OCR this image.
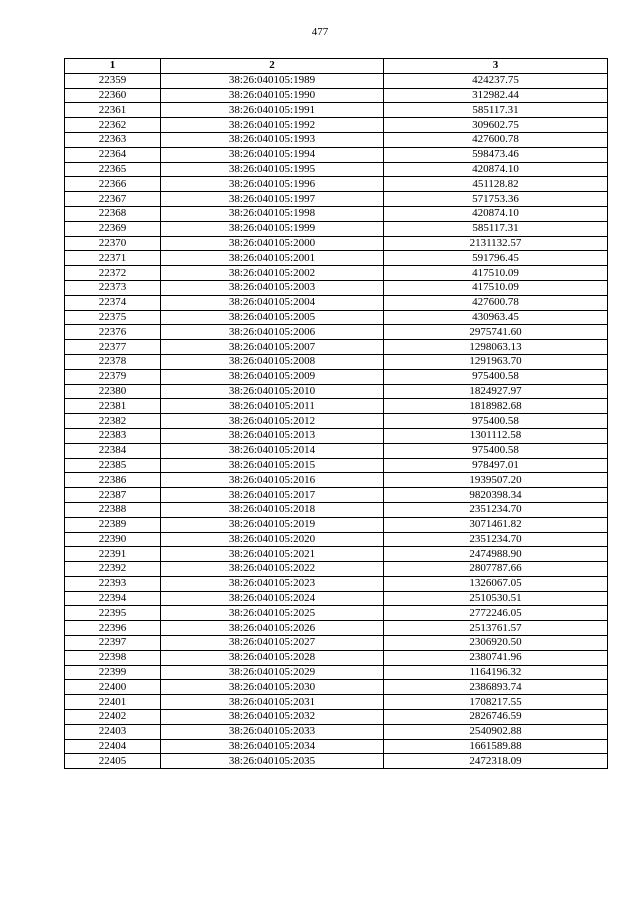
477
1	2	3
22359	38:26:040105:1989	424237.75
22360	38:26:040105:1990	312982.44
22361	38:26:040105:1991	585117.31
22362	38:26:040105:1992	309602.75
22363	38:26:040105:1993	427600.78
22364	38:26:040105:1994	598473.46
22365	38:26:040105:1995	420874.10
22366	38:26:040105:1996	451128.82
22367	38:26:040105:1997	571753.36
22368	38:26:040105:1998	420874.10
22369	38:26:040105:1999	585117.31
22370	38:26:040105:2000	2131132.57
22371	38:26:040105:2001	591796.45
22372	38:26:040105:2002	417510.09
22373	38:26:040105:2003	417510.09
22374	38:26:040105:2004	427600.78
22375	38:26:040105:2005	430963.45
22376	38:26:040105:2006	2975741.60
22377	38:26:040105:2007	1298063.13
22378	38:26:040105:2008	1291963.70
22379	38:26:040105:2009	975400.58
22380	38:26:040105:2010	1824927.97
22381	38:26:040105:2011	1818982.68
22382	38:26:040105:2012	975400.58
22383	38:26:040105:2013	1301112.58
22384	38:26:040105:2014	975400.58
22385	38:26:040105:2015	978497.01
22386	38:26:040105:2016	1939507.20
22387	38:26:040105:2017	9820398.34
22388	38:26:040105:2018	2351234.70
22389	38:26:040105:2019	3071461.82
22390	38:26:040105:2020	2351234.70
22391	38:26:040105:2021	2474988.90
22392	38:26:040105:2022	2807787.66
22393	38:26:040105:2023	1326067.05
22394	38:26:040105:2024	2510530.51
22395	38:26:040105:2025	2772246.05
22396	38:26:040105:2026	2513761.57
22397	38:26:040105:2027	2306920.50
22398	38:26:040105:2028	2380741.96
22399	38:26:040105:2029	1164196.32
22400	38:26:040105:2030	2386893.74
22401	38:26:040105:2031	1708217.55
22402	38:26:040105:2032	2826746.59
22403	38:26:040105:2033	2540902.88
22404	38:26:040105:2034	1661589.88
22405	38:26:040105:2035	2472318.09
